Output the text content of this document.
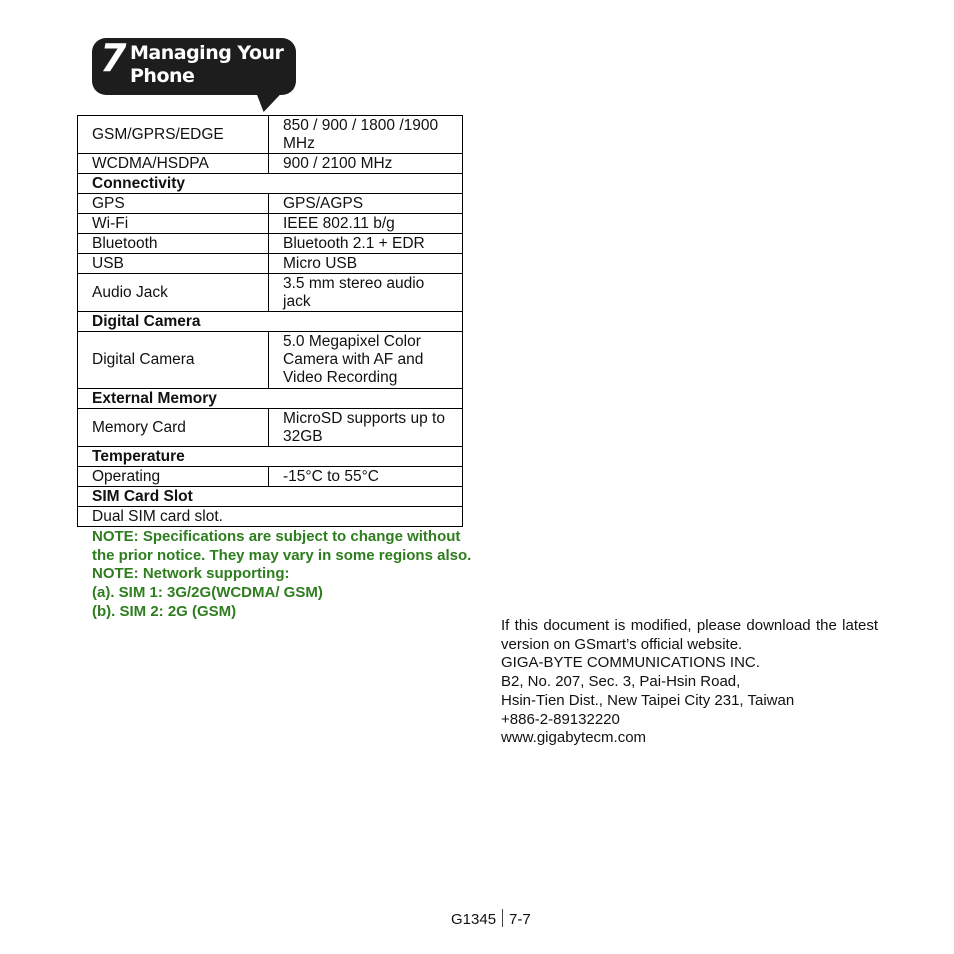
7 Managing Your Phone
GSM/GPRS/EDGE	850 / 900 / 1800 /1900 MHz
WCDMA/HSDPA	900 / 2100 MHz
Connectivity	
GPS	GPS/AGPS
Wi-Fi	IEEE 802.11 b/g
Bluetooth	Bluetooth 2.1 + EDR
USB	Micro USB
Audio Jack	3.5 mm stereo audio jack
Digital Camera	
Digital Camera	5.0 Megapixel Color Camera with AF and Video Recording
External Memory	
Memory Card	MicroSD supports up to 32GB
Temperature	
Operating	-15°C to 55°C
SIM Card Slot	
Dual SIM card slot.	
NOTE: Specifications are subject to change without the prior notice. They may vary in some regions also.
NOTE: Network supporting:
(a). SIM 1: 3G/2G(WCDMA/ GSM)
(b). SIM 2: 2G (GSM)
If this document is modified, please download the latest version on GSmart’s official website.
GIGA-BYTE COMMUNICATIONS INC.
B2, No. 207, Sec. 3, Pai-Hsin Road,
Hsin-Tien Dist., New Taipei City 231, Taiwan
+886-2-89132220
www.gigabytecm.com
G1345 7-7
